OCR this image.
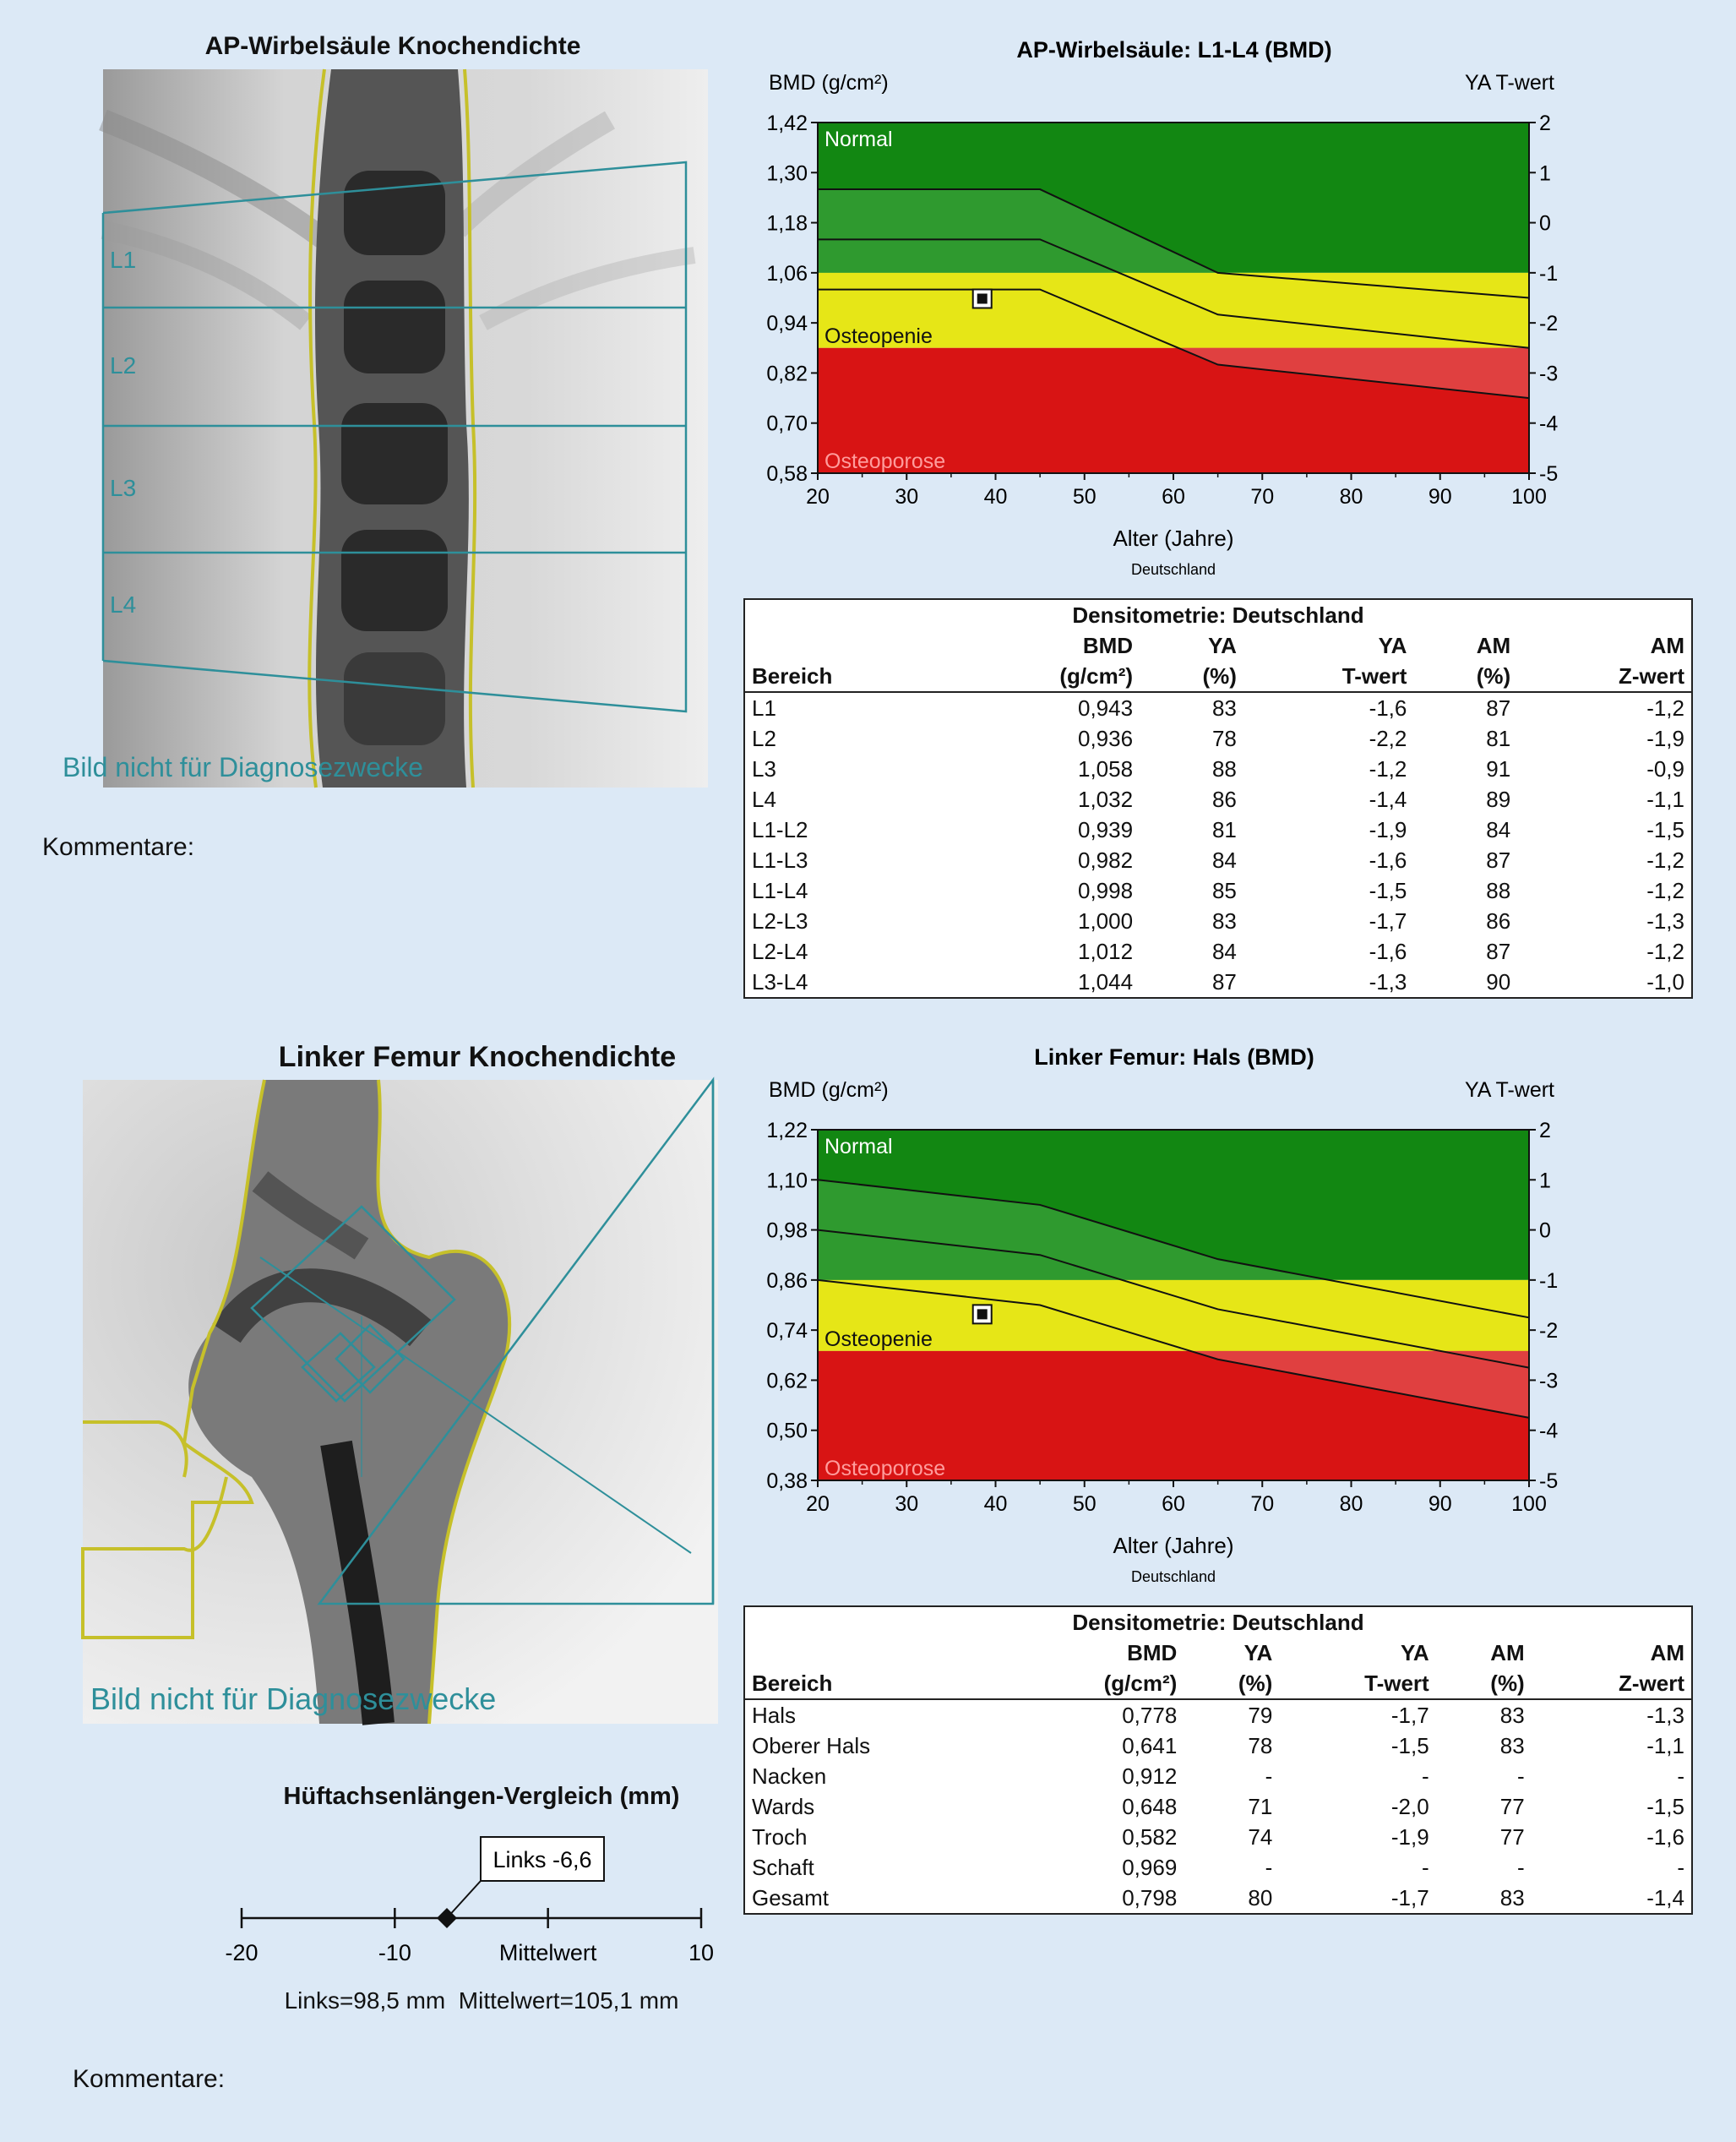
AP-Wirbelsäule Knochendichte
L1
L2
L3
L4
Bild nicht für Diagnosezwecke
Kommentare:
AP-Wirbelsäule: L1-L4 (BMD)
BMD (g/cm²)	YA T-wert
Normal
Osteopenie
Osteoporose
1,42
1,30
1,18
1,06
0,94
0,82
0,70
0,58
2
1
0
-1
-2
-3
-4
-5
20	30	40	50	60	70	80	90	100
Alter (Jahre)
Deutschland
Densitometrie: Deutschland					
	BMD	YA	YA	AM	AM
Bereich	(g/cm²)	(%)	T-wert	(%)	Z-wert
L1	0,943	83	-1,6	87	-1,2
L2	0,936	78	-2,2	81	-1,9
L3	1,058	88	-1,2	91	-0,9
L4	1,032	86	-1,4	89	-1,1
L1-L2	0,939	81	-1,9	84	-1,5
L1-L3	0,982	84	-1,6	87	-1,2
L1-L4	0,998	85	-1,5	88	-1,2
L2-L3	1,000	83	-1,7	86	-1,3
L2-L4	1,012	84	-1,6	87	-1,2
L3-L4	1,044	87	-1,3	90	-1,0
Linker Femur Knochendichte
Bild nicht für Diagnosezwecke
Hüftachsenlängen-Vergleich (mm)
-20	-10	Mittelwert	10
Links -6,6
Links=98,5 mm  Mittelwert=105,1 mm
Kommentare:
Linker Femur: Hals (BMD)
BMD (g/cm²)	YA T-wert
Normal
Osteopenie
Osteoporose
1,22
1,10
0,98
0,86
0,74
0,62
0,50
0,38
2
1
0
-1
-2
-3
-4
-5
20	30	40	50	60	70	80	90	100
Alter (Jahre)
Deutschland
Densitometrie: Deutschland					
	BMD	YA	YA	AM	AM
Bereich	(g/cm²)	(%)	T-wert	(%)	Z-wert
Hals	0,778	79	-1,7	83	-1,3
Oberer Hals	0,641	78	-1,5	83	-1,1
Nacken	0,912	-	-	-	-
Wards	0,648	71	-2,0	77	-1,5
Troch	0,582	74	-1,9	77	-1,6
Schaft	0,969	-	-	-	-
Gesamt	0,798	80	-1,7	83	-1,4
